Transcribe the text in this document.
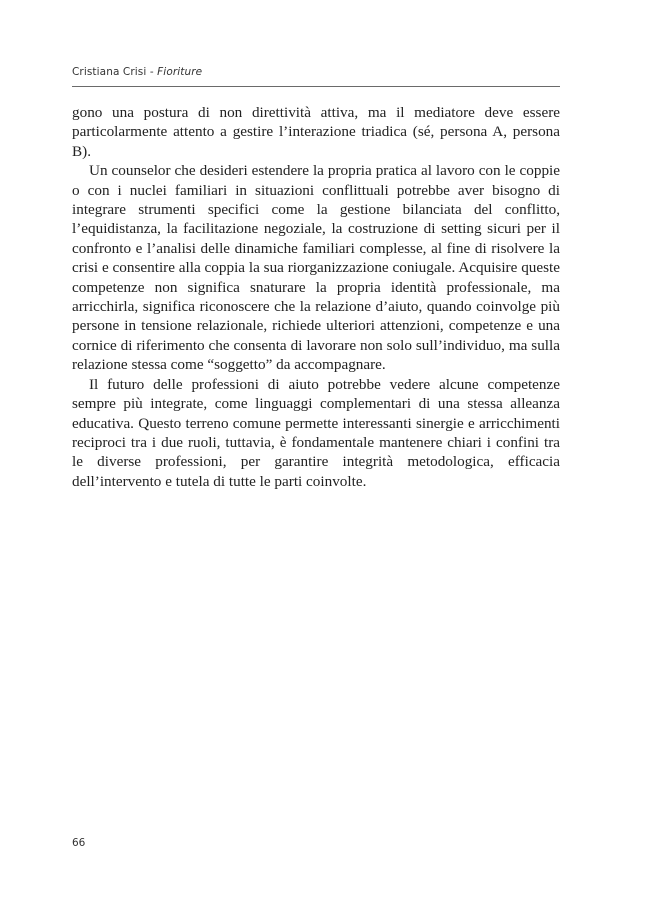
Cristiana Crisi - Fioriture

gono una postura di non direttività attiva, ma il mediatore deve essere particolarmente attento a gestire l’interazione triadica (sé, persona A, persona B).

Un counselor che desideri estendere la propria pratica al lavoro con le coppie o con i nuclei familiari in situazioni conflittuali potrebbe aver bisogno di integrare strumenti specifici come la gestione bilanciata del conflitto, l’equidistanza, la facilitazione negoziale, la costruzione di setting sicuri per il confronto e l’analisi delle dinamiche familiari complesse, al fine di risolvere la crisi e consentire alla coppia la sua riorganizzazione coniugale. Acquisire queste competenze non significa snaturare la propria identità professionale, ma arricchirla, significa riconoscere che la relazione d’aiuto, quando coinvolge più persone in tensione relazionale, richiede ulteriori attenzioni, competenze e una cornice di riferimento che consenta di lavorare non solo sull’individuo, ma sulla relazione stessa come “soggetto” da accompagnare.

Il futuro delle professioni di aiuto potrebbe vedere alcune competenze sempre più integrate, come linguaggi complementari di una stessa alleanza educativa. Questo terreno comune permette interessanti sinergie e arricchimenti reciproci tra i due ruoli, tuttavia, è fondamentale mantenere chiari i confini tra le diverse professioni, per garantire integrità metodologica, efficacia dell’intervento e tutela di tutte le parti coinvolte.

66
